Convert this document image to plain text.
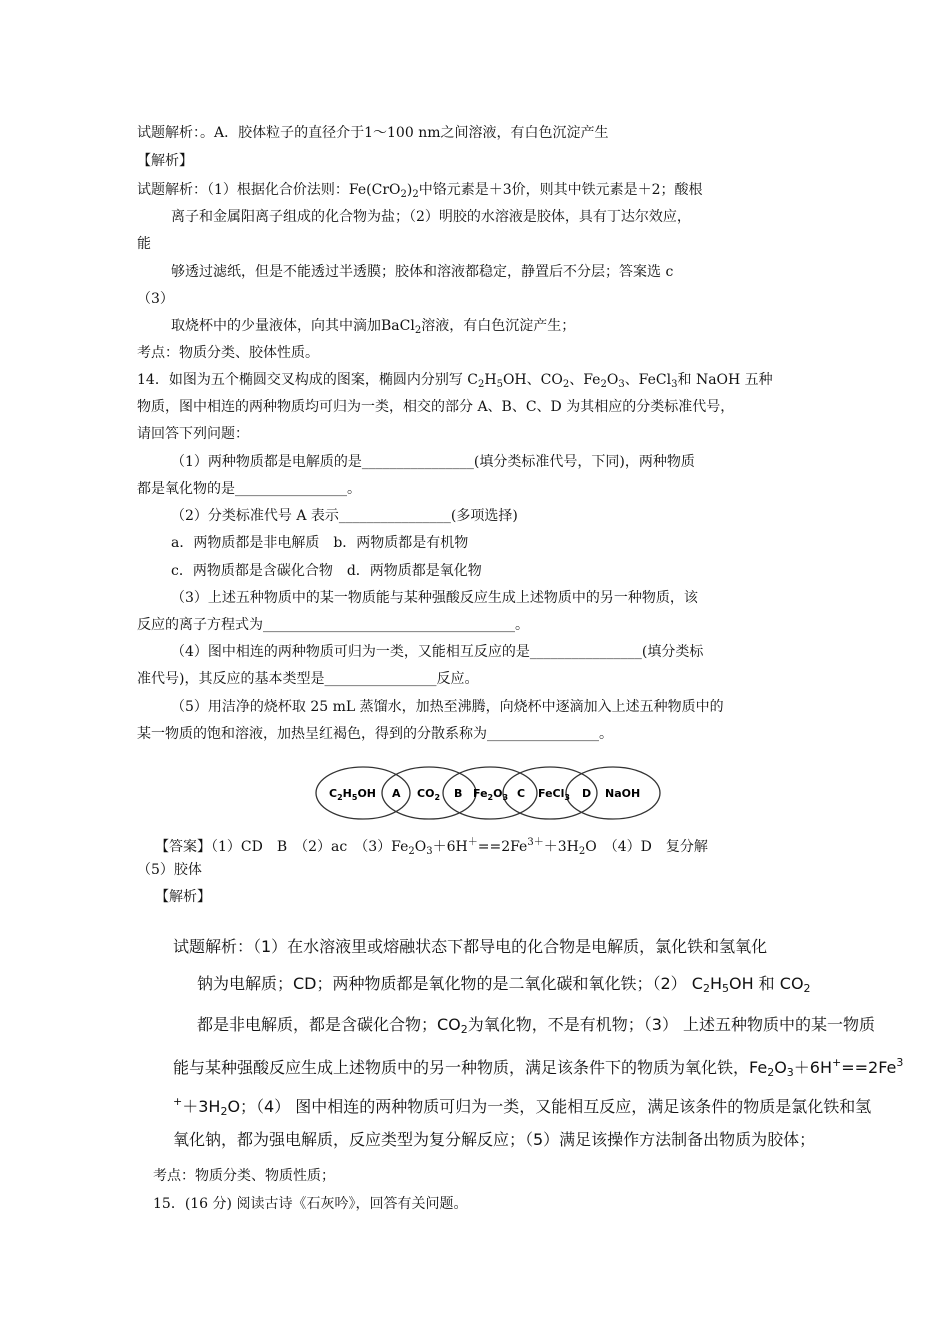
试题解析：。A．胶体粒子的直径介于1～100 nm之间溶液，有白色沉淀产生
【解析】
试题解析：（1）根据化合价法则：$Fe(CrO_2)_2$中铬元素是＋3价，则其中铁元素是＋2；酸根
离子和金属阳离子组成的化合物为盐；（2）明胶的水溶液是胶体，具有丁达尔效应，
能
够透过滤纸，但是不能透过半透膜；胶体和溶液都稳定，静置后不分层；答案选 c
（3）
取烧杯中的少量液体，向其中滴加BaCl$_2$溶液，有白色沉淀产生；
考点：物质分类、胶体性质。
14．如图为五个椭圆交叉构成的图案，椭圆内分别写 $C_2H_5OH$、$CO_2$、$Fe_2O_3$、FeCl$_3$和 NaOH 五种
物质，图中相连的两种物质均可归为一类，相交的部分 A、B、C、D 为其相应的分类标准代号，
请回答下列问题：
（1）两种物质都是电解质的是________________(填分类标准代号，下同)，两种物质
都是氧化物的是________________。
（2）分类标准代号 A 表示________________(多项选择)
a．两物质都是非电解质　b．两物质都是有机物
c．两物质都是含碳化合物　d．两物质都是氧化物
（3）上述五种物质中的某一物质能与某种强酸反应生成上述物质中的另一种物质，该
反应的离子方程式为____________________________________。
（4）图中相连的两种物质可归为一类，又能相互反应的是________________(填分类标
准代号)，其反应的基本类型是________________反应。
（5）用洁净的烧杯取 25 mL 蒸馏水，加热至沸腾，向烧杯中逐滴加入上述五种物质中的
某一物质的饱和溶液，加热呈红褐色，得到的分散系称为________________。
$C_2H_5OH$ A $CO_2$ B $Fe_2O_3$ C FeCl$_3$ D NaOH
【答案】（1）CD　B　（2）ac　$(3)Fe_2O_3+6H^+==2Fe^{3+}+3H_2O$　（4）D　复分解
（5）胶体
【解析】
试题解析：（1）在水溶液里或熔融状态下都导电的化合物是电解质，氯化铁和氢氧化
钠为电解质；CD；两种物质都是氧化物的是二氧化碳和氧化铁；（2） C2H5OH 和 CO2
都是非电解质，都是含碳化合物；CO2为氧化物，不是有机物；（3） 上述五种物质中的某一物质
能与某种强酸反应生成上述物质中的另一种物质，满足该条件下的物质为氧化铁，$Fe2O3+6H^+==2Fe^3$
+＋3H2O；（4） 图中相连的两种物质可归为一类，又能相互反应，满足该条件的物质是氯化铁和氢
氧化钠，都为强电解质，反应类型为复分解反应；（5）满足该操作方法制备出物质为胶体；
考点：物质分类、物质性质；
15．(16 分) 阅读古诗《石灰吟》，回答有关问题。
